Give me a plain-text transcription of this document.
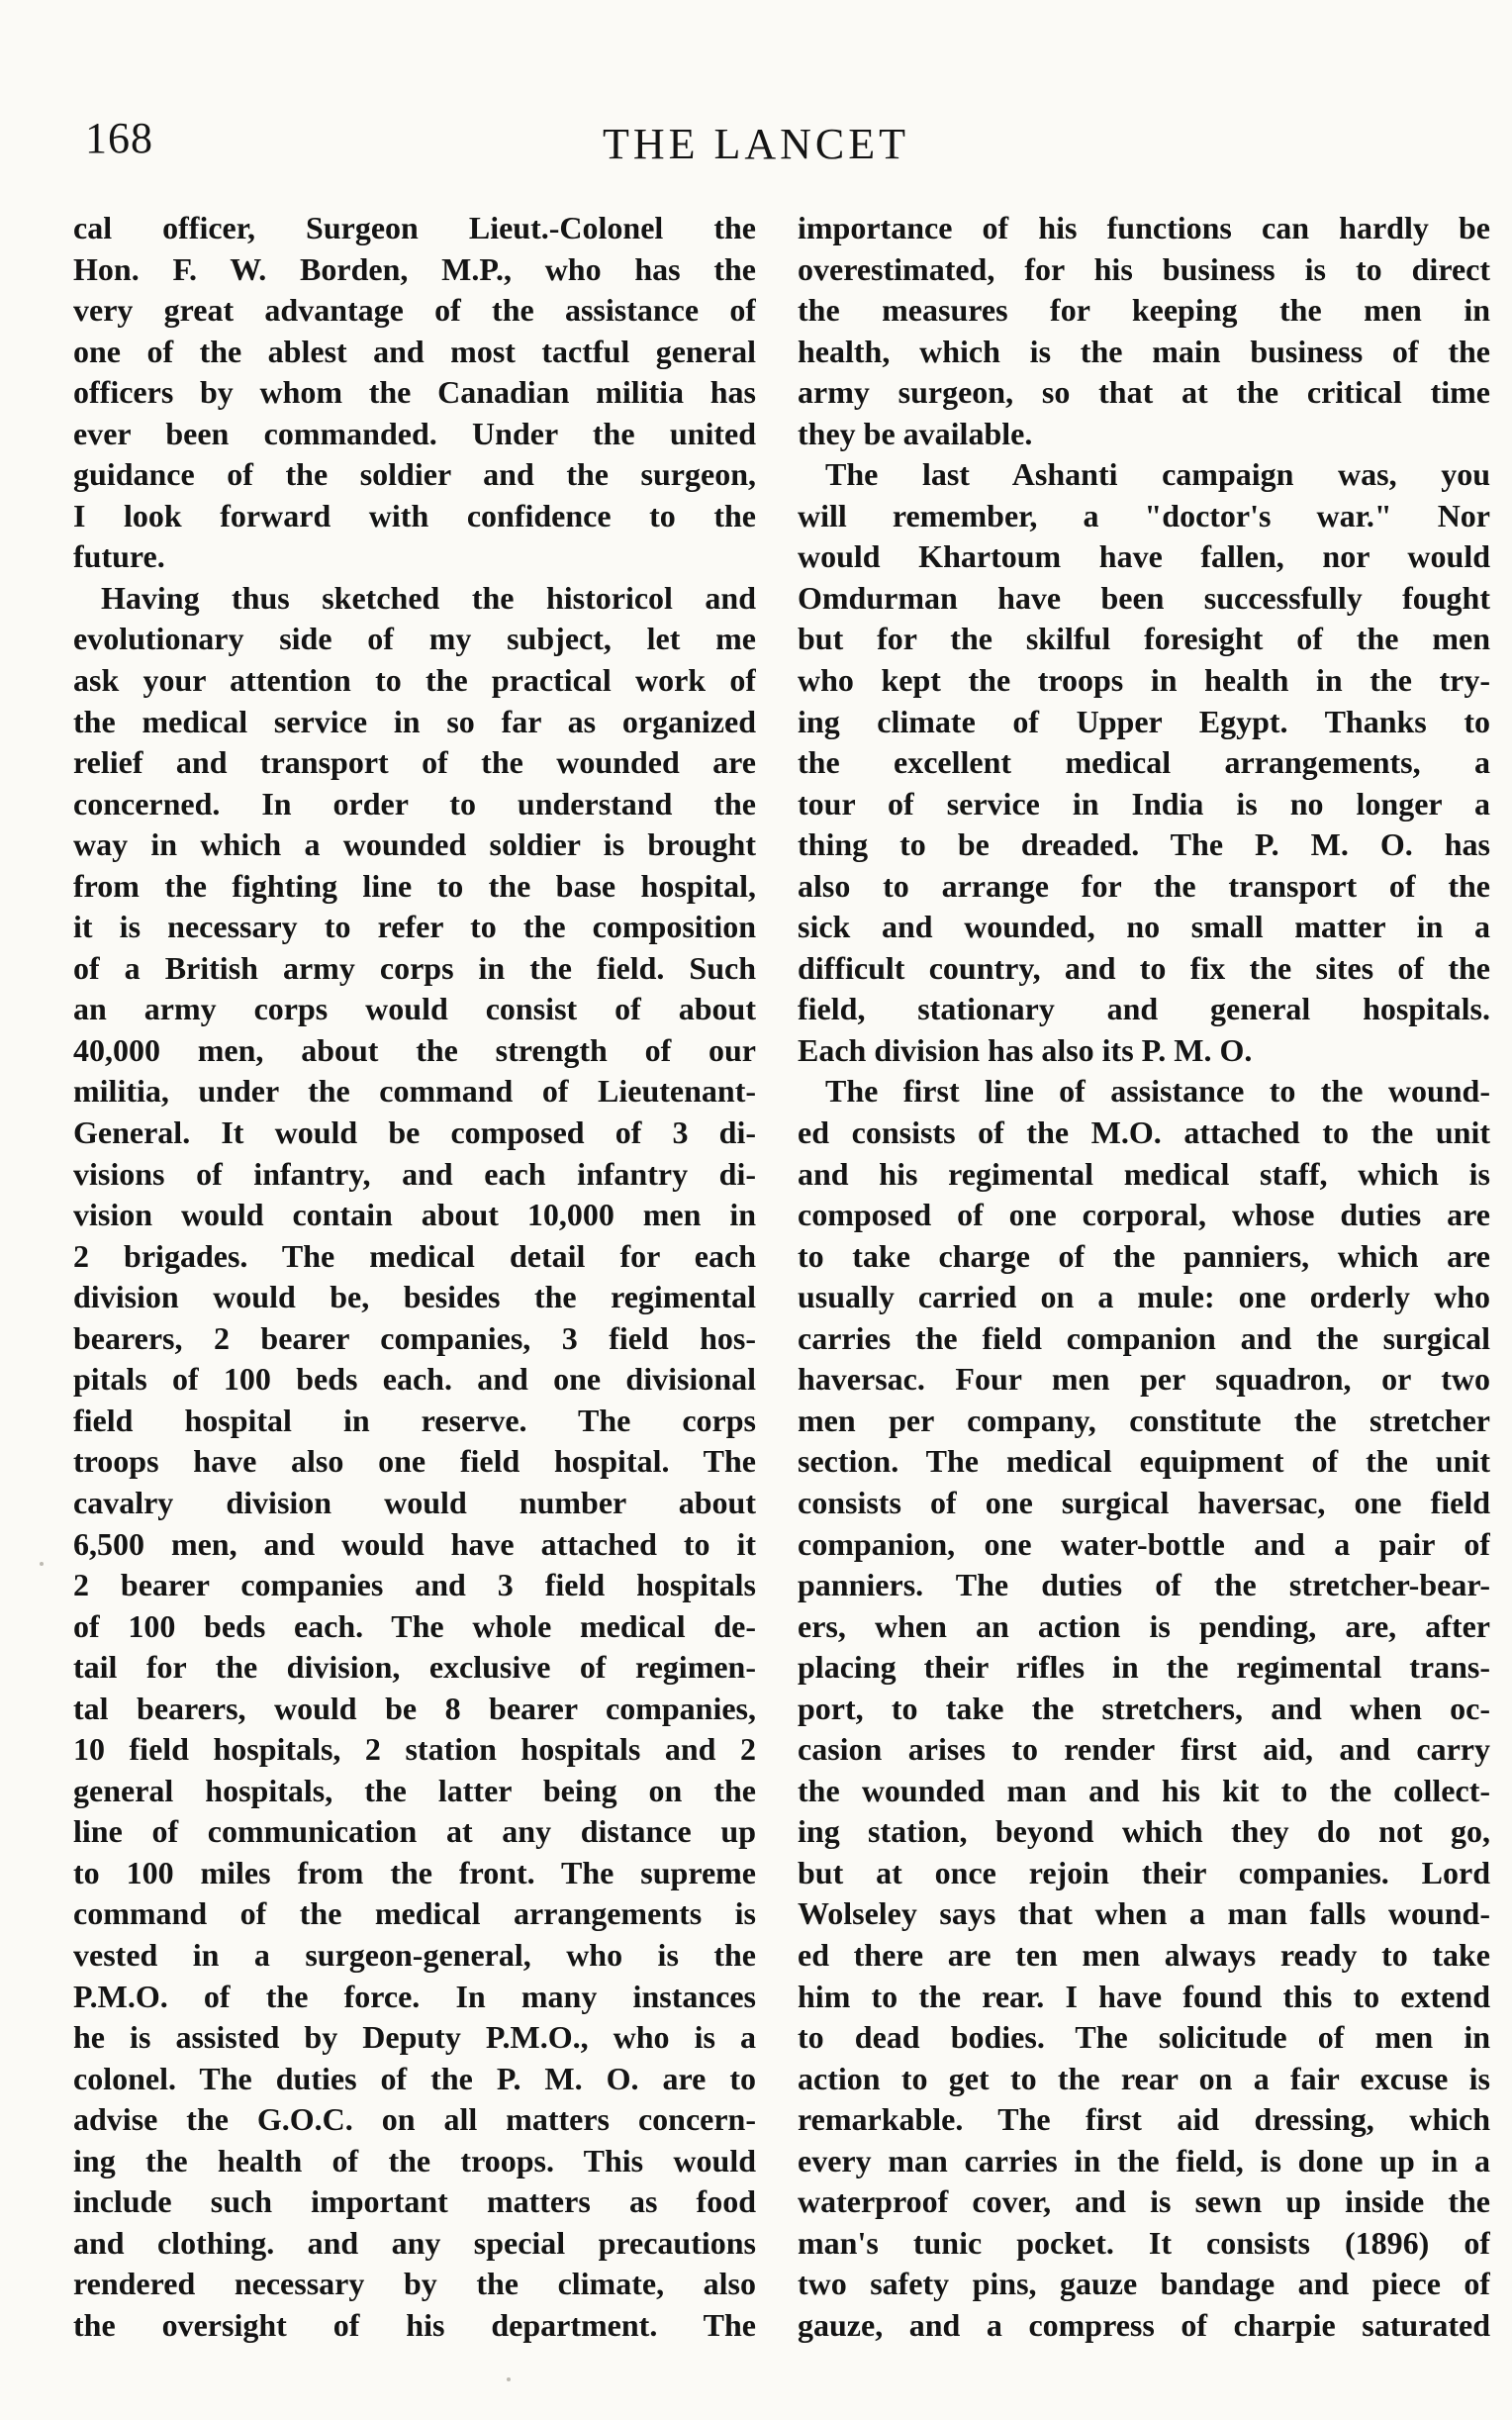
168	THE LANCET
cal officer, Surgeon Lieut.-Colonel the
Hon. F. W. Borden, M.P., who has the
very great advantage of the assistance of
one of the ablest and most tactful general
officers by whom the Canadian militia has
ever been commanded. Under the united
guidance of the soldier and the surgeon,
I look forward with confidence to the
future.
Having thus sketched the historicol and
evolutionary side of my subject, let me
ask your attention to the practical work of
the medical service in so far as organized
relief and transport of the wounded are
concerned. In order to understand the
way in which a wounded soldier is brought
from the fighting line to the base hospital,
it is necessary to refer to the composition
of a British army corps in the field. Such
an army corps would consist of about
40,000 men, about the strength of our
militia, under the command of Lieutenant-
General. It would be composed of 3 di-
visions of infantry, and each infantry di-
vision would contain about 10,000 men in
2 brigades. The medical detail for each
division would be, besides the regimental
bearers, 2 bearer companies, 3 field hos-
pitals of 100 beds each. and one divisional
field hospital in reserve. The corps
troops have also one field hospital. The
cavalry division would number about
6,500 men, and would have attached to it
2 bearer companies and 3 field hospitals
of 100 beds each. The whole medical de-
tail for the division, exclusive of regimen-
tal bearers, would be 8 bearer companies,
10 field hospitals, 2 station hospitals and 2
general hospitals, the latter being on the
line of communication at any distance up
to 100 miles from the front. The supreme
command of the medical arrangements is
vested in a surgeon-general, who is the
P.M.O. of the force. In many instances
he is assisted by Deputy P.M.O., who is a
colonel. The duties of the P. M. O. are to
advise the G.O.C. on all matters concern-
ing the health of the troops. This would
include such important matters as food
and clothing. and any special precautions
rendered necessary by the climate, also
the oversight of his department. The
importance of his functions can hardly be
overestimated, for his business is to direct
the measures for keeping the men in
health, which is the main business of the
army surgeon, so that at the critical time
they be available.
The last Ashanti campaign was, you
will remember, a "doctor's war." Nor
would Khartoum have fallen, nor would
Omdurman have been successfully fought
but for the skilful foresight of the men
who kept the troops in health in the try-
ing climate of Upper Egypt. Thanks to
the excellent medical arrangements, a
tour of service in India is no longer a
thing to be dreaded. The P. M. O. has
also to arrange for the transport of the
sick and wounded, no small matter in a
difficult country, and to fix the sites of the
field, stationary and general hospitals.
Each division has also its P. M. O.
The first line of assistance to the wound-
ed consists of the M.O. attached to the unit
and his regimental medical staff, which is
composed of one corporal, whose duties are
to take charge of the panniers, which are
usually carried on a mule: one orderly who
carries the field companion and the surgical
haversac. Four men per squadron, or two
men per company, constitute the stretcher
section. The medical equipment of the unit
consists of one surgical haversac, one field
companion, one water-bottle and a pair of
panniers. The duties of the stretcher-bear-
ers, when an action is pending, are, after
placing their rifles in the regimental trans-
port, to take the stretchers, and when oc-
casion arises to render first aid, and carry
the wounded man and his kit to the collect-
ing station, beyond which they do not go,
but at once rejoin their companies. Lord
Wolseley says that when a man falls wound-
ed there are ten men always ready to take
him to the rear. I have found this to extend
to dead bodies. The solicitude of men in
action to get to the rear on a fair excuse is
remarkable. The first aid dressing, which
every man carries in the field, is done up in a
waterproof cover, and is sewn up inside the
man's tunic pocket. It consists (1896) of
two safety pins, gauze bandage and piece of
gauze, and a compress of charpie saturated
